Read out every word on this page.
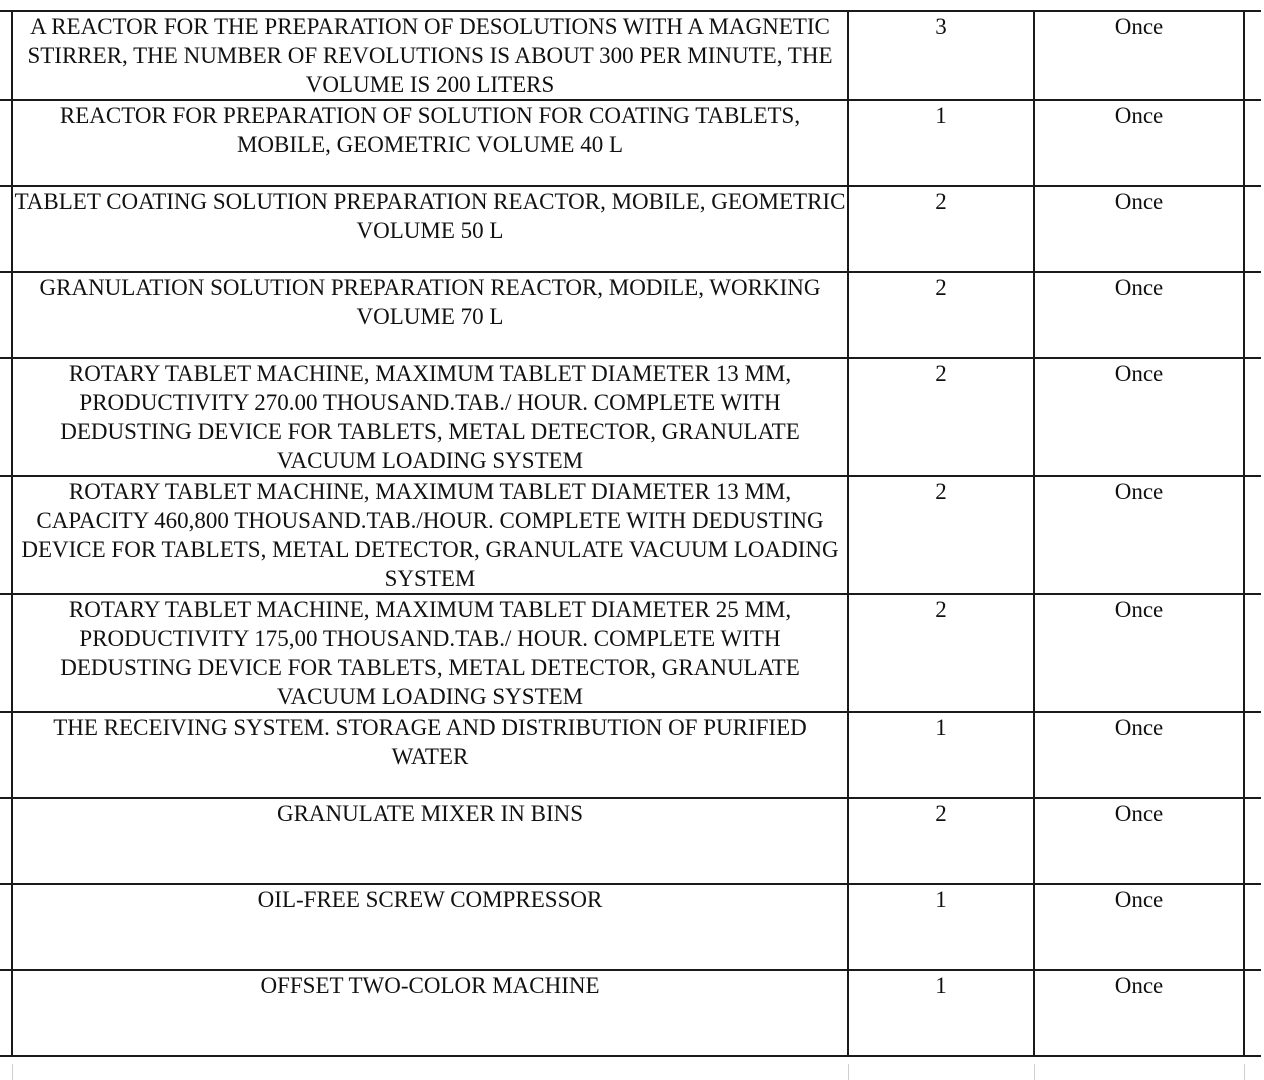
	A REACTOR FOR THE PREPARATION OF DESOLUTIONS WITH A MAGNETIC STIRRER, THE NUMBER OF REVOLUTIONS IS ABOUT 300 PER MINUTE, THE VOLUME IS 200 LITERS	3	Once	
	REACTOR FOR PREPARATION OF SOLUTION FOR COATING TABLETS, MOBILE, GEOMETRIC VOLUME 40 L	1	Once	
	TABLET COATING SOLUTION PREPARATION REACTOR, MOBILE, GEOMETRIC VOLUME 50 L	2	Once	
	GRANULATION SOLUTION PREPARATION REACTOR, MODILE, WORKING VOLUME 70 L	2	Once	
	ROTARY TABLET MACHINE, MAXIMUM TABLET DIAMETER 13 MM, PRODUCTIVITY 270.00 THOUSAND.TAB./ HOUR. COMPLETE WITH DEDUSTING DEVICE FOR TABLETS, METAL DETECTOR, GRANULATE VACUUM LOADING SYSTEM	2	Once	
	ROTARY TABLET MACHINE, MAXIMUM TABLET DIAMETER 13 MM, CAPACITY 460,800 THOUSAND.TAB./HOUR. COMPLETE WITH DEDUSTING DEVICE FOR TABLETS, METAL DETECTOR, GRANULATE VACUUM LOADING SYSTEM	2	Once	
	ROTARY TABLET MACHINE, MAXIMUM TABLET DIAMETER 25 MM, PRODUCTIVITY 175,00 THOUSAND.TAB./ HOUR. COMPLETE WITH DEDUSTING DEVICE FOR TABLETS, METAL DETECTOR, GRANULATE VACUUM LOADING SYSTEM	2	Once	
	THE RECEIVING SYSTEM. STORAGE AND DISTRIBUTION OF PURIFIED WATER	1	Once	
	GRANULATE MIXER IN BINS	2	Once	
	OIL-FREE SCREW COMPRESSOR	1	Once	
	OFFSET TWO-COLOR MACHINE	1	Once	
